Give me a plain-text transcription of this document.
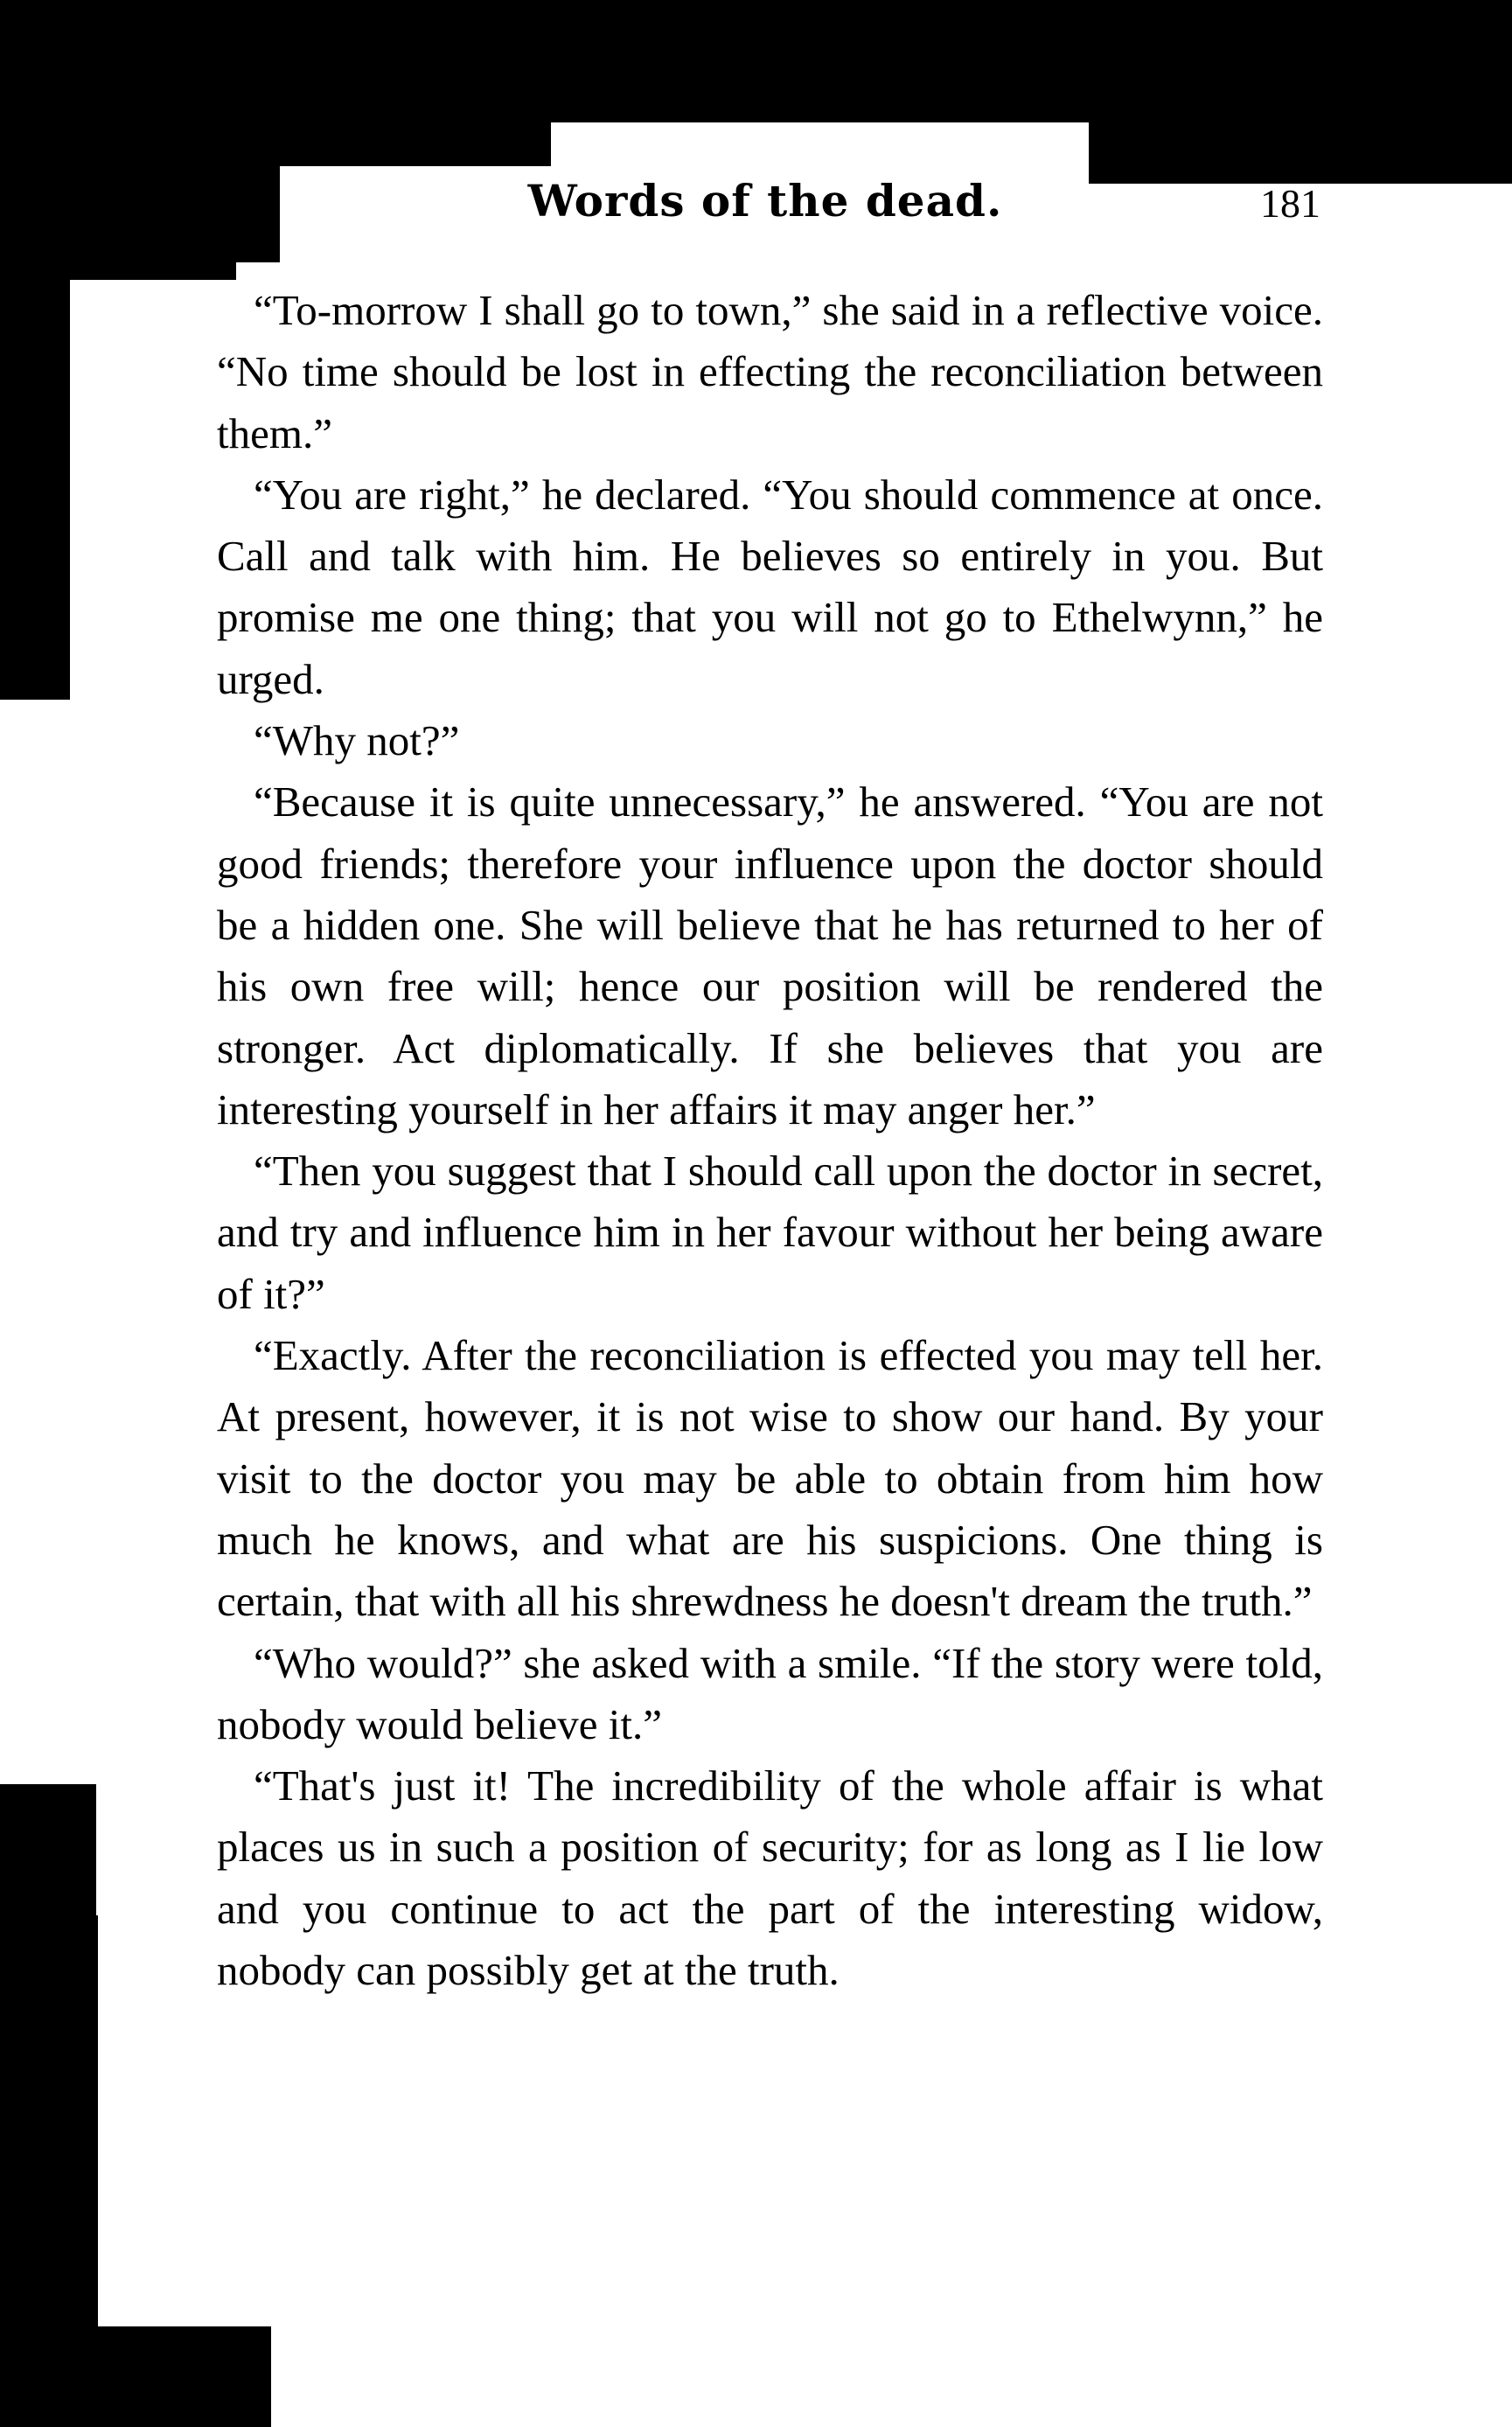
Words of the dead.	181

“To-morrow I shall go to town,” she said in a reflective voice. “No time should be lost in effecting the reconciliation between them.”

“You are right,” he declared. “You should commence at once. Call and talk with him. He believes so entirely in you. But promise me one thing; that you will not go to Ethelwynn,” he urged.

“Why not?”

“Because it is quite unnecessary,” he answered. “You are not good friends; therefore your influence upon the doctor should be a hidden one. She will believe that he has returned to her of his own free will; hence our position will be rendered the stronger. Act diplomatically. If she believes that you are interesting yourself in her affairs it may anger her.”

“Then you suggest that I should call upon the doctor in secret, and try and influence him in her favour without her being aware of it?”

“Exactly. After the reconciliation is effected you may tell her. At present, however, it is not wise to show our hand. By your visit to the doctor you may be able to obtain from him how much he knows, and what are his suspicions. One thing is certain, that with all his shrewdness he doesn't dream the truth.”

“Who would?” she asked with a smile. “If the story were told, nobody would believe it.”

“That's just it! The incredibility of the whole affair is what places us in such a position of security; for as long as I lie low and you continue to act the part of the interesting widow, nobody can possibly get at the truth.
